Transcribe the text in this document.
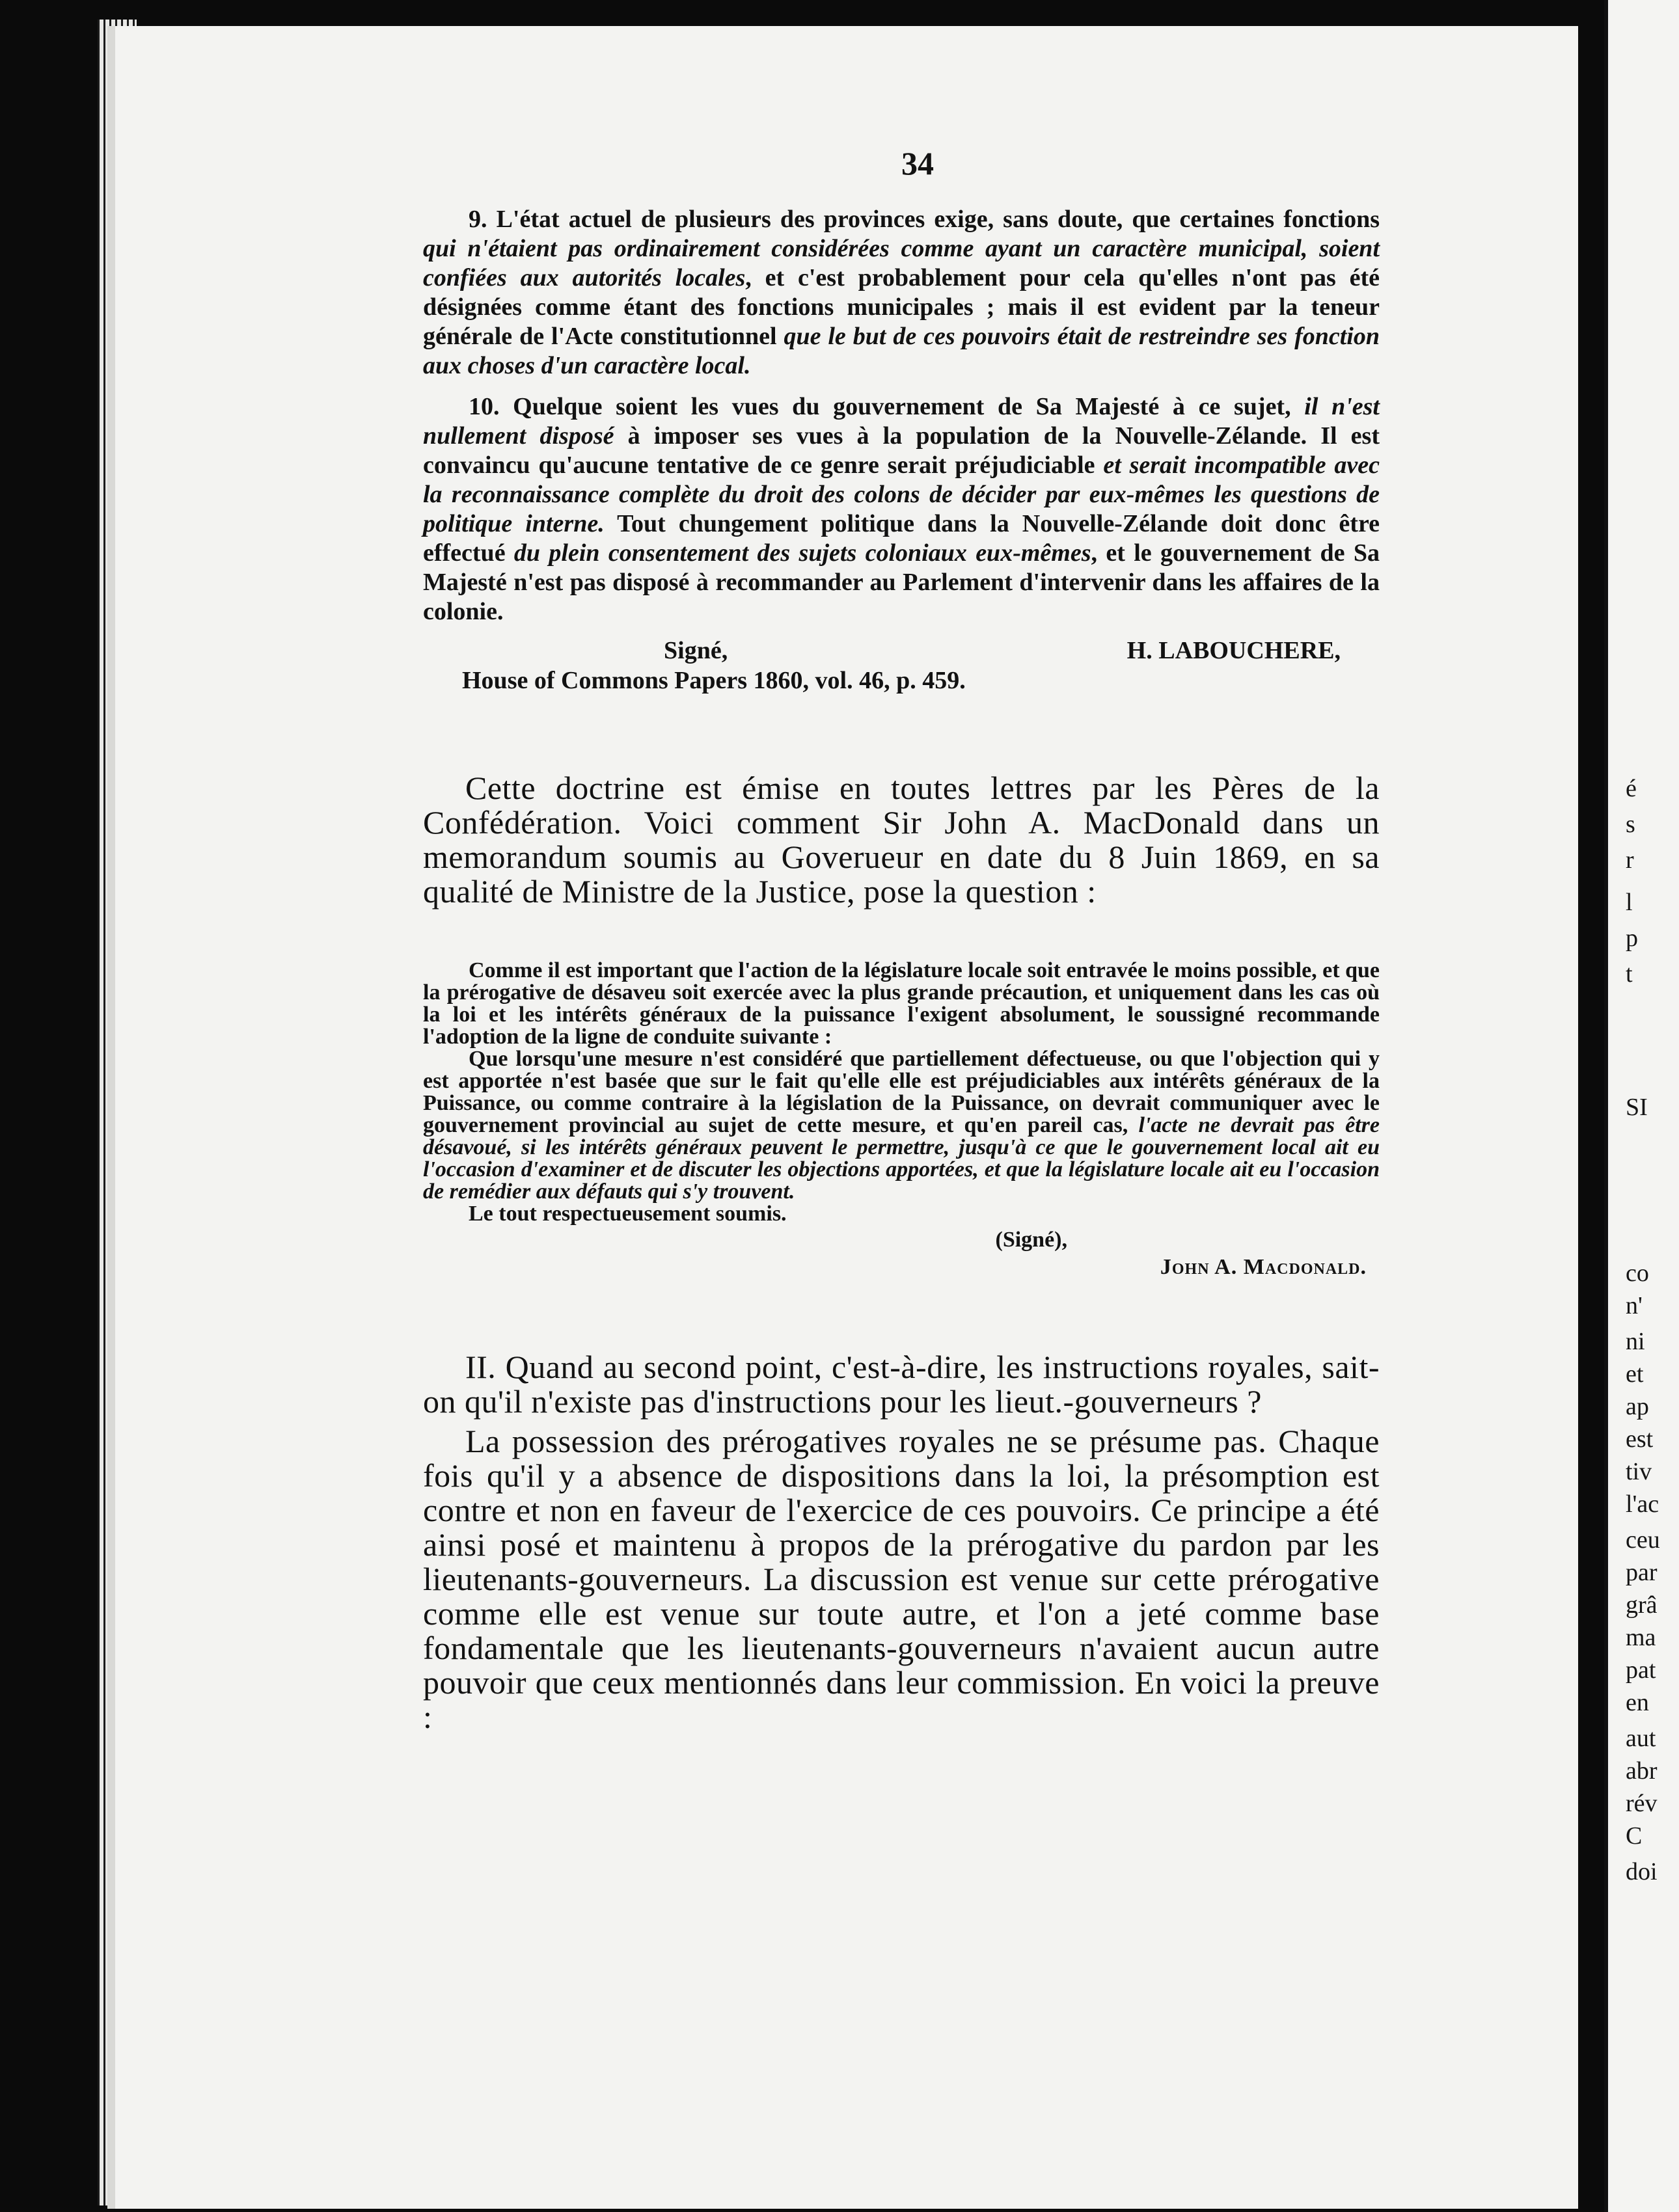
34

9. L'état actuel de plusieurs des provinces exige, sans doute, que certaines fonctions qui n'étaient pas ordinairement considérées comme ayant un caractère municipal, soient confiées aux autorités locales, et c'est probablement pour cela qu'elles n'ont pas été désignées comme étant des fonctions municipales ; mais il est evident par la teneur générale de l'Acte constitutionnel que le but de ces pouvoirs était de restreindre ses fonction aux choses d'un caractère local.

10. Quelque soient les vues du gouvernement de Sa Majesté à ce sujet, il n'est nullement disposé à imposer ses vues à la population de la Nouvelle-Zélande. Il est convaincu qu'aucune tentative de ce genre serait préjudiciable et serait incompatible avec la reconnaissance complète du droit des colons de décider par eux-mêmes les questions de politique interne. Tout chungement politique dans la Nouvelle-Zélande doit donc être effectué du plein consentement des sujets coloniaux eux-mêmes, et le gouvernement de Sa Majesté n'est pas disposé à recommander au Parlement d'intervenir dans les affaires de la colonie.

Signé,	H. LABOUCHERE,
House of Commons Papers 1860, vol. 46, p. 459.

Cette doctrine est émise en toutes lettres par les Pères de la Confédération. Voici comment Sir John A. MacDonald dans un memorandum soumis au Goverueur en date du 8 Juin 1869, en sa qualité de Ministre de la Justice, pose la question :

Comme il est important que l'action de la législature locale soit entravée le moins possible, et que la prérogative de désaveu soit exercée avec la plus grande précaution, et uniquement dans les cas où la loi et les intérêts généraux de la puissance l'exigent absolument, le soussigné recommande l'adoption de la ligne de conduite suivante :

Que lorsqu'une mesure n'est considéré que partiellement défectueuse, ou que l'objection qui y est apportée n'est basée que sur le fait qu'elle elle est préjudiciables aux intérêts généraux de la Puissance, ou comme contraire à la législation de la Puissance, on devrait communiquer avec le gouvernement provincial au sujet de cette mesure, et qu'en pareil cas, l'acte ne devrait pas être désavoué, si les intérêts généraux peuvent le permettre, jusqu'à ce que le gouvernement local ait eu l'occasion d'examiner et de discuter les objections apportées, et que la législature locale ait eu l'occasion de remédier aux défauts qui s'y trouvent.

Le tout respectueusement soumis.

(Signé),

John A. Macdonald.

II. Quand au second point, c'est-à-dire, les instructions royales, sait-on qu'il n'existe pas d'instructions pour les lieut.-gouverneurs ?

La possession des prérogatives royales ne se présume pas. Chaque fois qu'il y a absence de dispositions dans la loi, la présomption est contre et non en faveur de l'exercice de ces pouvoirs. Ce principe a été ainsi posé et maintenu à propos de la prérogative du pardon par les lieutenants-gouverneurs. La discussion est venue sur cette prérogative comme elle est venue sur toute autre, et l'on a jeté comme base fondamentale que les lieutenants-gouverneurs n'avaient aucun autre pouvoir que ceux mentionnés dans leur commission. En voici la preuve :

é
s
r
l
p
t
SI
co
n'
ni
et
ap
est
tiv
l'ac
ceu
par
grâ
ma
pat
en
aut
abr
rév
C
doi
